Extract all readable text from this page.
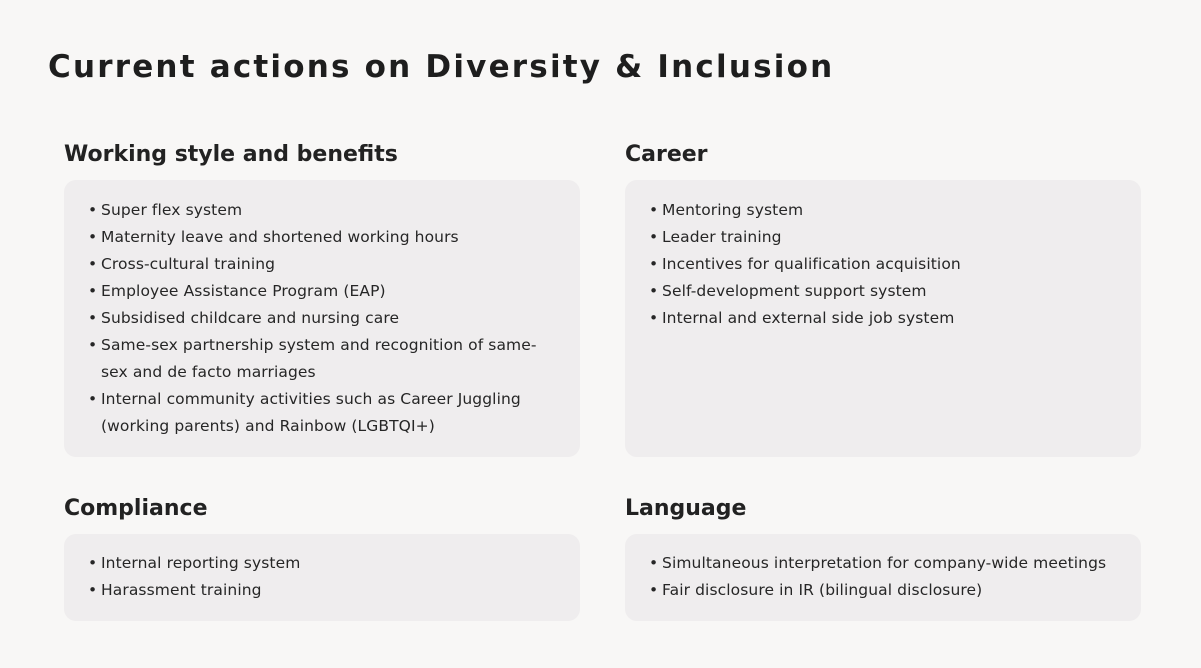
Current actions on Diversity & Inclusion
Working style and benefits
• Super flex system
• Maternity leave and shortened working hours
• Cross-cultural training
• Employee Assistance Program (EAP)
• Subsidised childcare and nursing care
• Same-sex partnership system and recognition of same-sex and de facto marriages
• Internal community activities such as Career Juggling (working parents) and Rainbow (LGBTQI+)
Career
• Mentoring system
• Leader training
• Incentives for qualification acquisition
• Self-development support system
• Internal and external side job system
Compliance
• Internal reporting system
• Harassment training
Language
• Simultaneous interpretation for company-wide meetings
• Fair disclosure in IR (bilingual disclosure)
